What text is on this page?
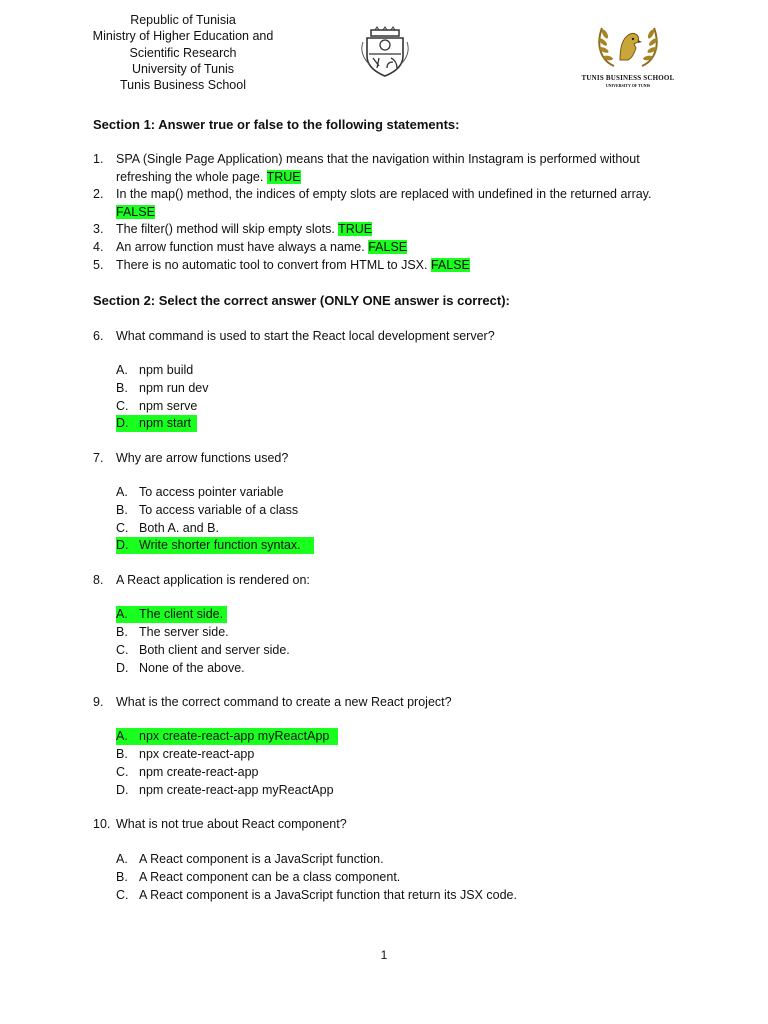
Republic of Tunisia
Ministry of Higher Education and
Scientific Research
University of Tunis
Tunis Business School
TUNIS BUSINESS SCHOOL
UNIVERSITY OF TUNIS
Section 1: Answer true or false to the following statements:
1.	SPA (Single Page Application) means that the navigation within Instagram is performed without
refreshing the whole page. TRUE
2.	In the map() method, the indices of empty slots are replaced with undefined in the returned array.
FALSE
3.	The filter() method will skip empty slots. TRUE
4.	An arrow function must have always a name. FALSE
5.	There is no automatic tool to convert from HTML to JSX. FALSE
Section 2: Select the correct answer (ONLY ONE answer is correct):
6.	What command is used to start the React local development server?
A. npm build
B. npm run dev
C. npm serve
D. npm start
7.	Why are arrow functions used?
A. To access pointer variable
B. To access variable of a class
C. Both A. and B.
D. Write shorter function syntax.
8.	A React application is rendered on:
A. The client side.
B. The server side.
C. Both client and server side.
D. None of the above.
9.	What is the correct command to create a new React project?
A. npx create-react-app myReactApp
B. npx create-react-app
C. npm create-react-app
D. npm create-react-app myReactApp
10. What is not true about React component?
A. A React component is a JavaScript function.
B. A React component can be a class component.
C. A React component is a JavaScript function that return its JSX code.
1
